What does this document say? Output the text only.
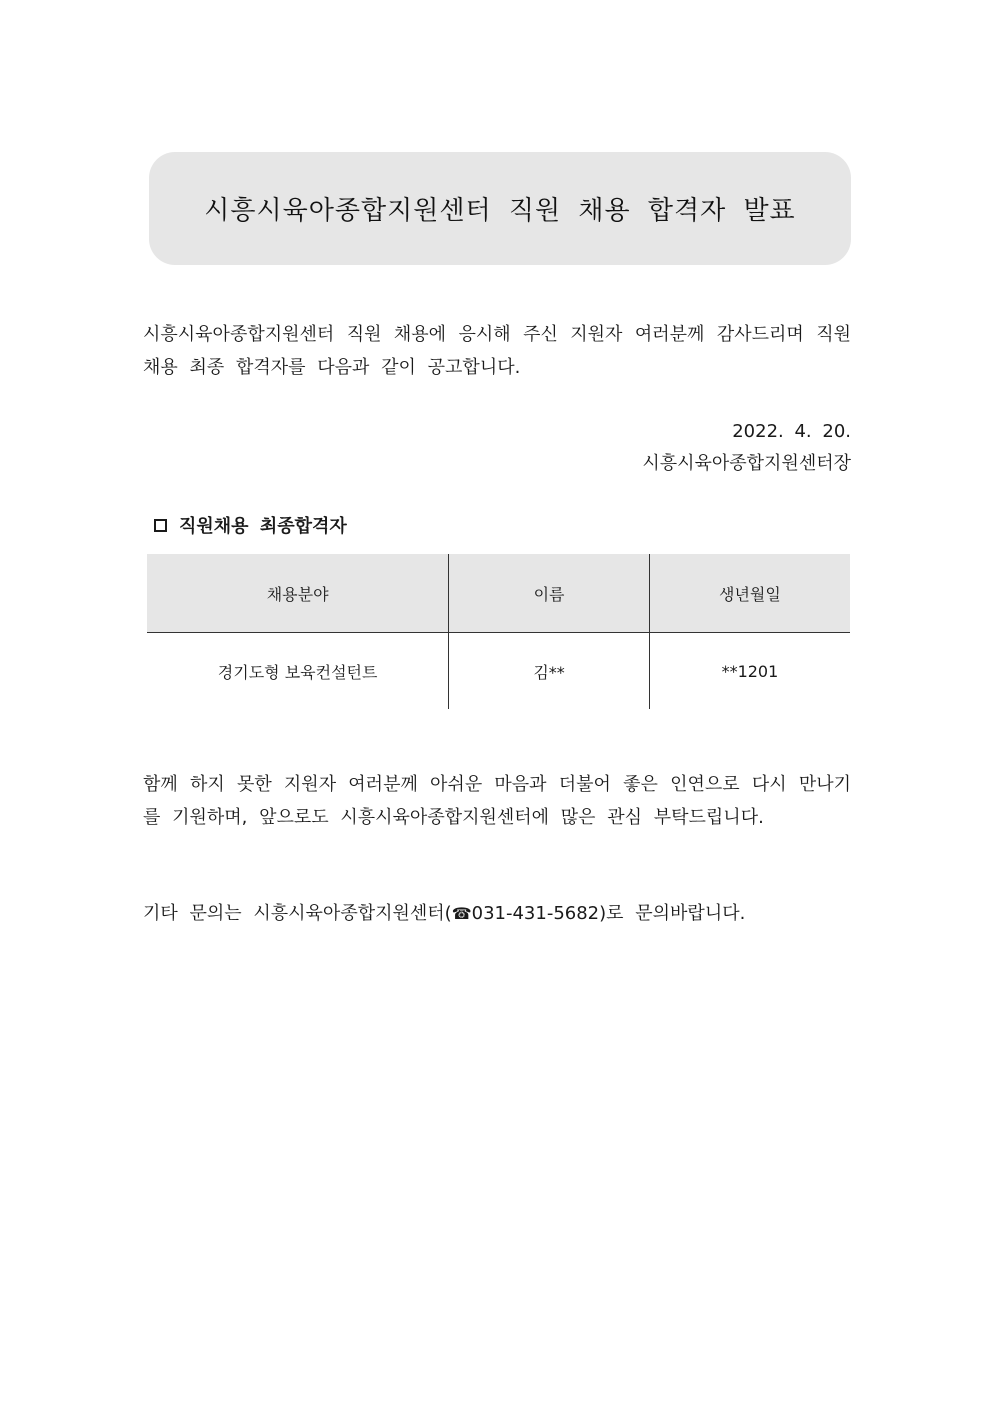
시흥시육아종합지원센터 직원 채용 합격자 발표

시흥시육아종합지원센터 직원 채용에 응시해 주신 지원자 여러분께 감사드리며 직원 채용 최종 합격자를 다음과 같이 공고합니다.

2022. 4. 20.
시흥시육아종합지원센터장
직원채용 최종합격자
채용분야	이름	생년월일
경기도형 보육컨설턴트	김**	**1201

함께 하지 못한 지원자 여러분께 아쉬운 마음과 더불어 좋은 인연으로 다시 만나기를 기원하며, 앞으로도 시흥시육아종합지원센터에 많은 관심 부탁드립니다.

기타 문의는 시흥시육아종합지원센터(☎031-431-5682)로 문의바랍니다.
